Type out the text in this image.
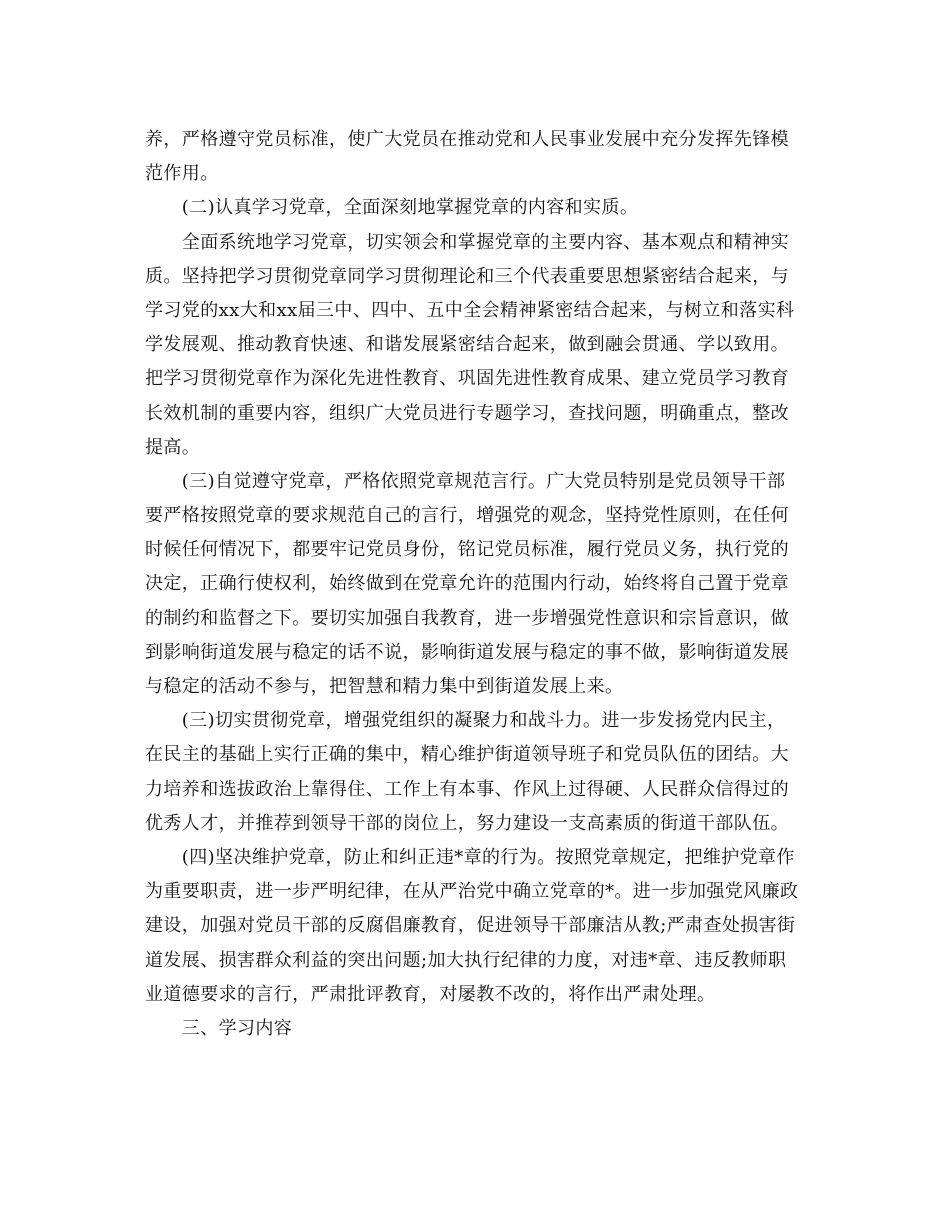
养，严格遵守党员标准，使广大党员在推动党和人民事业发展中充分发挥先锋模
范作用。
　　(二)认真学习党章，全面深刻地掌握党章的内容和实质。
　　全面系统地学习党章，切实领会和掌握党章的主要内容、基本观点和精神实
质。坚持把学习贯彻党章同学习贯彻理论和三个代表重要思想紧密结合起来，与
学习党的xx大和xx届三中、四中、五中全会精神紧密结合起来，与树立和落实科
学发展观、推动教育快速、和谐发展紧密结合起来，做到融会贯通、学以致用。
把学习贯彻党章作为深化先进性教育、巩固先进性教育成果、建立党员学习教育
长效机制的重要内容，组织广大党员进行专题学习，查找问题，明确重点，整改
提高。
　　(三)自觉遵守党章，严格依照党章规范言行。广大党员特别是党员领导干部
要严格按照党章的要求规范自己的言行，增强党的观念，坚持党性原则，在任何
时候任何情况下，都要牢记党员身份，铭记党员标准，履行党员义务，执行党的
决定，正确行使权利，始终做到在党章允许的范围内行动，始终将自己置于党章
的制约和监督之下。要切实加强自我教育，进一步增强党性意识和宗旨意识，做
到影响街道发展与稳定的话不说，影响街道发展与稳定的事不做，影响街道发展
与稳定的活动不参与，把智慧和精力集中到街道发展上来。
　　(三)切实贯彻党章，增强党组织的凝聚力和战斗力。进一步发扬党内民主，
在民主的基础上实行正确的集中，精心维护街道领导班子和党员队伍的团结。大
力培养和选拔政治上靠得住、工作上有本事、作风上过得硬、人民群众信得过的
优秀人才，并推荐到领导干部的岗位上，努力建设一支高素质的街道干部队伍。
　　(四)坚决维护党章，防止和纠正违*章的行为。按照党章规定，把维护党章作
为重要职责，进一步严明纪律，在从严治党中确立党章的*。进一步加强党风廉政
建设，加强对党员干部的反腐倡廉教育，促进领导干部廉洁从教;严肃查处损害街
道发展、损害群众利益的突出问题;加大执行纪律的力度，对违*章、违反教师职
业道德要求的言行，严肃批评教育，对屡教不改的，将作出严肃处理。
　　三、学习内容
